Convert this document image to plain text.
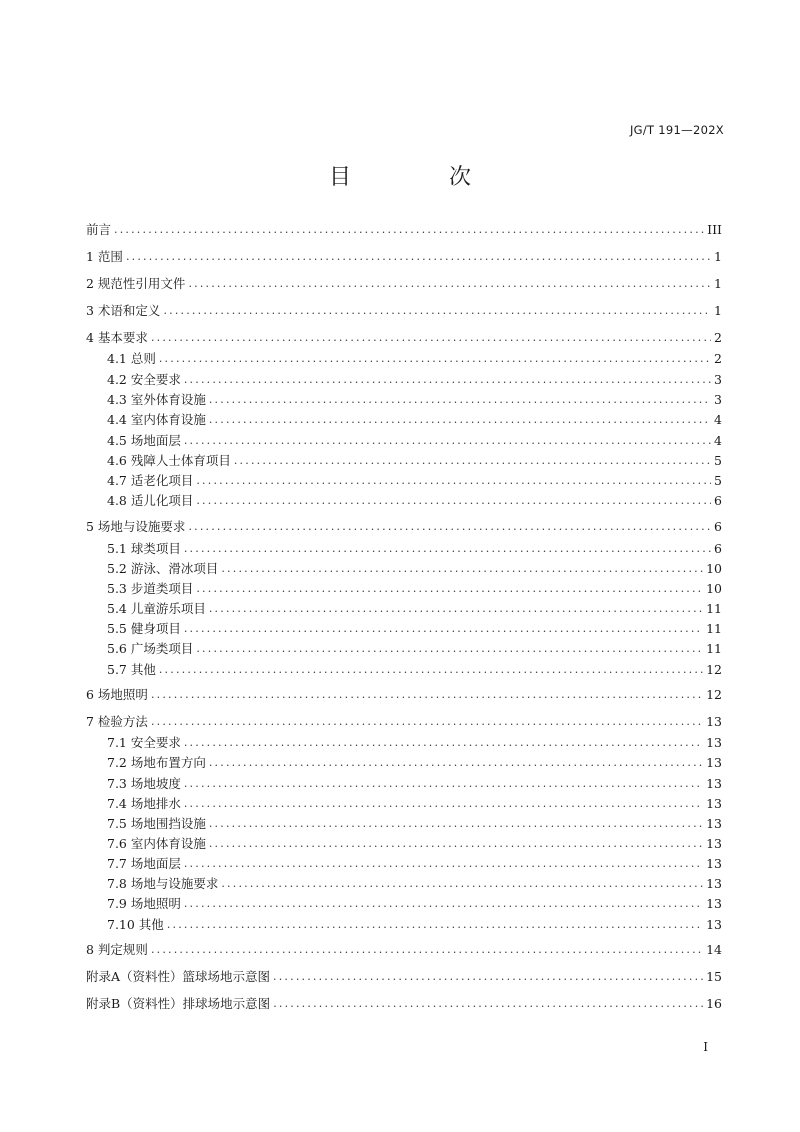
JG/T 191—202X
目　次
前言 .....	III
1 范围 .....	1
2 规范性引用文件 .....	1
3 术语和定义 .....	1
4 基本要求 .....	2
4.1 总则 .....	2
4.2 安全要求 .....	3
4.3 室外体育设施 .....	3
4.4 室内体育设施 .....	4
4.5 场地面层 .....	4
4.6 残障人士体育项目 .....	5
4.7 适老化项目 .....	5
4.8 适儿化项目 .....	6
5 场地与设施要求 .....	6
5.1 球类项目 .....	6
5.2 游泳、滑冰项目 .....	10
5.3 步道类项目 .....	10
5.4 儿童游乐项目 .....	11
5.5 健身项目 .....	11
5.6 广场类项目 .....	11
5.7 其他 .....	12
6 场地照明 .....	12
7 检验方法 .....	13
7.1 安全要求 .....	13
7.2 场地布置方向 .....	13
7.3 场地坡度 .....	13
7.4 场地排水 .....	13
7.5 场地围挡设施 .....	13
7.6 室内体育设施 .....	13
7.7 场地面层 .....	13
7.8 场地与设施要求 .....	13
7.9 场地照明 .....	13
7.10 其他 .....	13
8 判定规则 .....	14
附录A（资料性）篮球场地示意图 .....	15
附录B（资料性）排球场地示意图 .....	16
I
